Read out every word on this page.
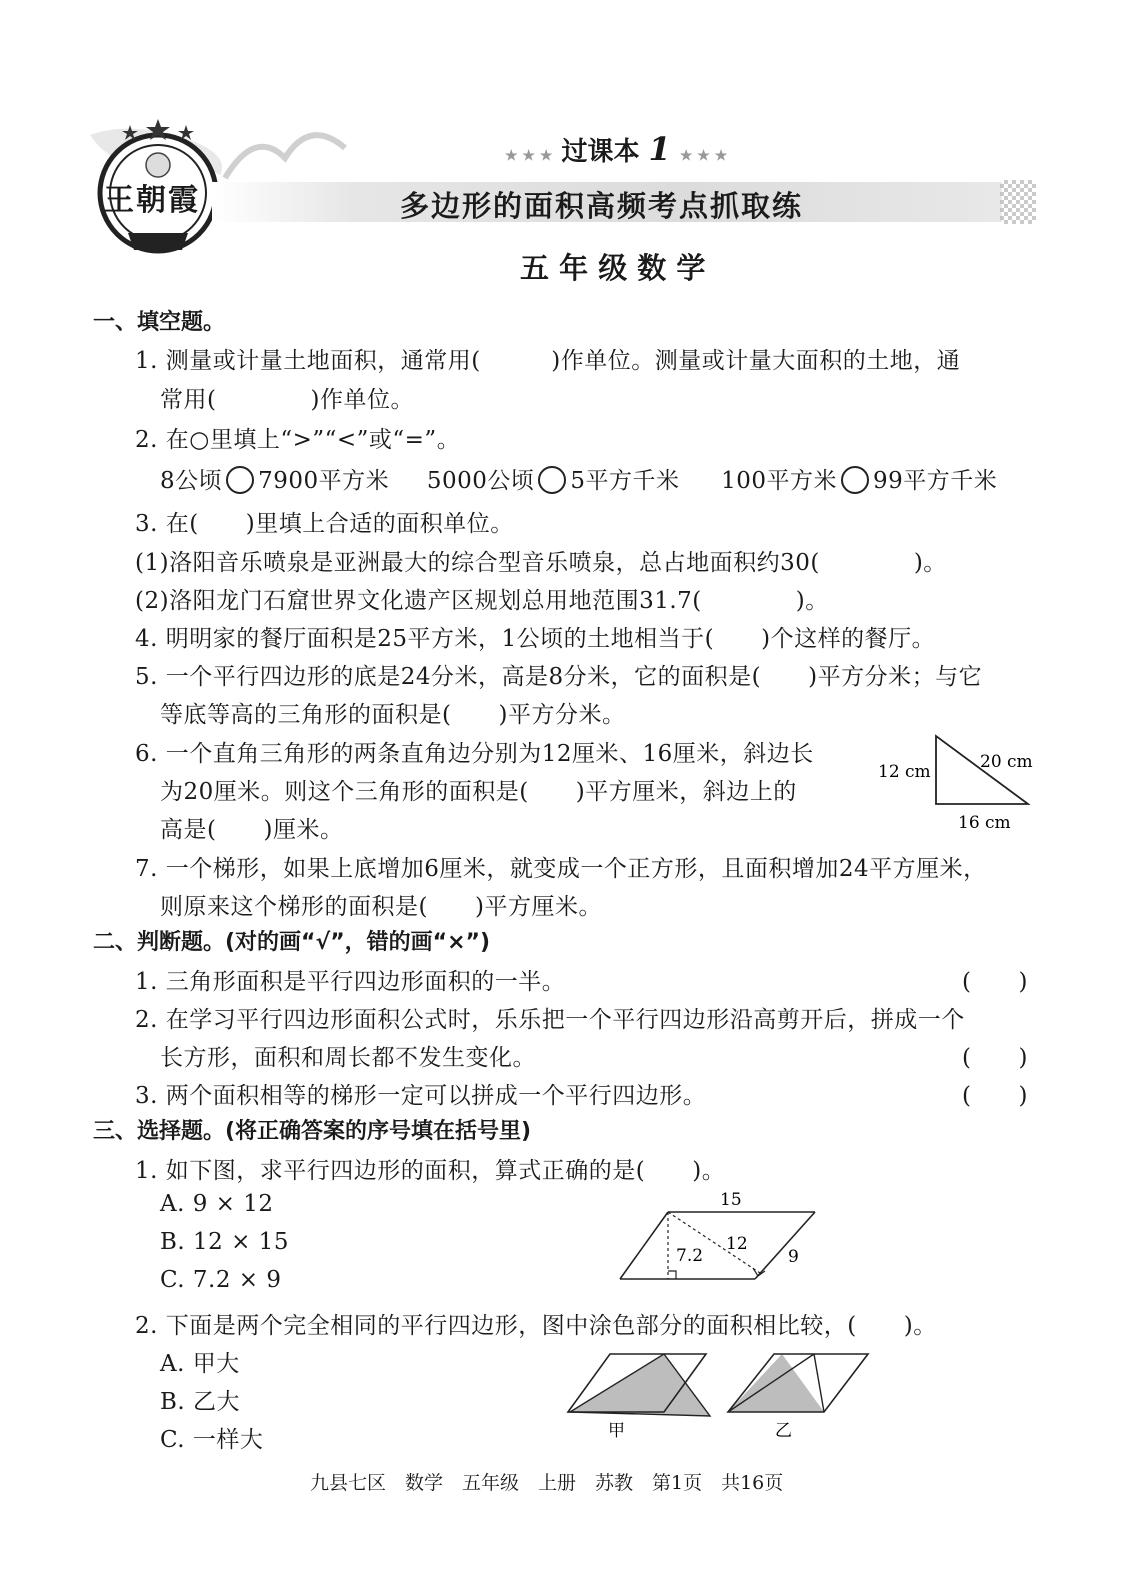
王朝霞
★ ★ ★ 过课本 1 ★ ★ ★
多边形的面积高频考点抓取练
五 年 级 数 学
一、填空题。
1. 测量或计量土地面积，通常用(　　　)作单位。测量或计量大面积的土地，通
常用(　　　　)作单位。
2. 在○里填上“>”“<”或“=”。
8公顷 7900平方米 5000公顷 5平方千米 100平方米 99平方千米
3. 在(　　)里填上合适的面积单位。
(1)洛阳音乐喷泉是亚洲最大的综合型音乐喷泉，总占地面积约30(　　　　)。
(2)洛阳龙门石窟世界文化遗产区规划总用地范围31.7(　　　　)。
4. 明明家的餐厅面积是25平方米，1公顷的土地相当于(　　)个这样的餐厅。
5. 一个平行四边形的底是24分米，高是8分米，它的面积是(　　)平方分米；与它
等底等高的三角形的面积是(　　)平方分米。
6. 一个直角三角形的两条直角边分别为12厘米、16厘米，斜边长
为20厘米。则这个三角形的面积是(　　)平方厘米，斜边上的
高是(　　)厘米。
12 cm	20 cm
16 cm
7. 一个梯形，如果上底增加6厘米，就变成一个正方形，且面积增加24平方厘米，
则原来这个梯形的面积是(　　)平方厘米。
二、判断题。(对的画“√”，错的画“×”)
1. 三角形面积是平行四边形面积的一半。	(　　)
2. 在学习平行四边形面积公式时，乐乐把一个平行四边形沿高剪开后，拼成一个
长方形，面积和周长都不发生变化。	(　　)
3. 两个面积相等的梯形一定可以拼成一个平行四边形。	(　　)
三、选择题。(将正确答案的序号填在括号里)
1. 如下图，求平行四边形的面积，算式正确的是(　　)。
A. 9 × 12
B. 12 × 15
C. 7.2 × 9
15
7.2
12
9
2. 下面是两个完全相同的平行四边形，图中涂色部分的面积相比较，(　　)。
A. 甲大
B. 乙大
C. 一样大	甲	乙
九县七区　数学　五年级　上册　苏教　第1页　共16页
